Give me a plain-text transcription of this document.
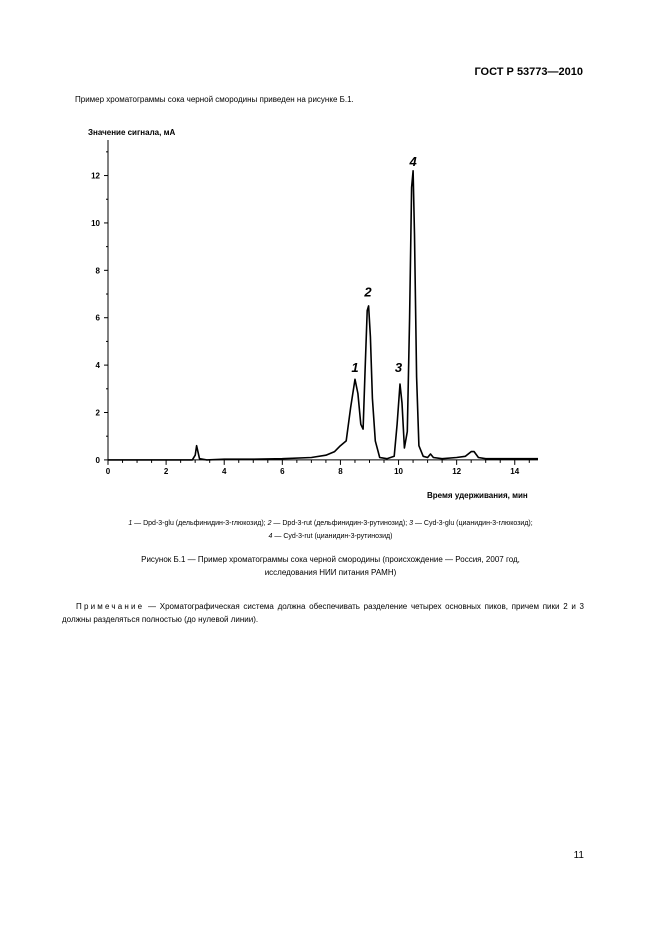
ГОСТ Р 53773—2010
Пример хроматограммы сока черной смородины приведен на рисунке Б.1.
Значение сигнала, мА
0
2
4
6
8
10
12
0	2	4	6	8	10	12	14
1
2
3
4
Время удерживания, мин
1 — Dpd-3-glu (дельфинидин-3-глюкозид); 2 — Dpd-3-rut (дельфинидин-3-рутинозид); 3 — Cyd-3-glu (цианидин-3-глюкозид);
4 — Cyd-3-rut (цианидин-3-рутинозид)
Рисунок Б.1 — Пример хроматограммы сока черной смородины (происхождение — Россия, 2007 год,
исследования НИИ питания РАМН)
Примечание — Хроматографическая система должна обеспечивать разделение четырех основных пиков, причем пики 2 и 3 должны разделяться полностью (до нулевой линии).
11
